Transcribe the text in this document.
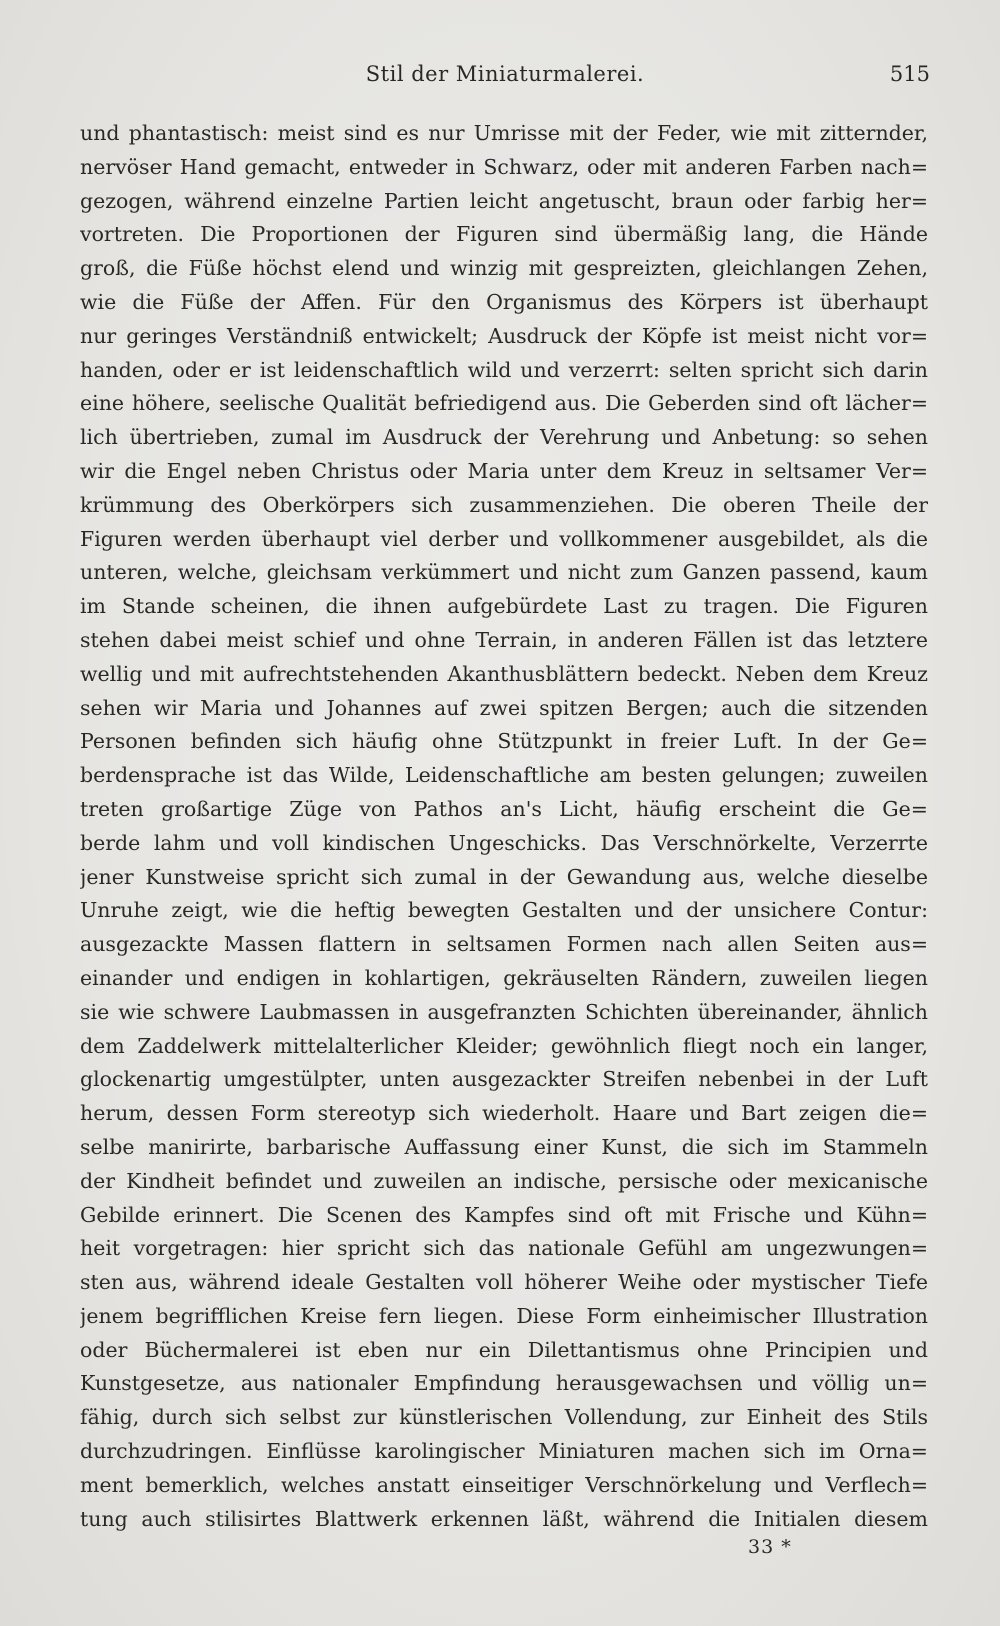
Stil der Miniaturmalerei.	515
und phantastisch: meist sind es nur Umrisse mit der Feder, wie mit zitternder,
nervöser Hand gemacht, entweder in Schwarz, oder mit anderen Farben nach=
gezogen, während einzelne Partien leicht angetuscht, braun oder farbig her=
vortreten. Die Proportionen der Figuren sind übermäßig lang, die Hände
groß, die Füße höchst elend und winzig mit gespreizten, gleichlangen Zehen,
wie die Füße der Affen. Für den Organismus des Körpers ist überhaupt
nur geringes Verständniß entwickelt; Ausdruck der Köpfe ist meist nicht vor=
handen, oder er ist leidenschaftlich wild und verzerrt: selten spricht sich darin
eine höhere, seelische Qualität befriedigend aus. Die Geberden sind oft lächer=
lich übertrieben, zumal im Ausdruck der Verehrung und Anbetung: so sehen
wir die Engel neben Christus oder Maria unter dem Kreuz in seltsamer Ver=
krümmung des Oberkörpers sich zusammenziehen. Die oberen Theile der
Figuren werden überhaupt viel derber und vollkommener ausgebildet, als die
unteren, welche, gleichsam verkümmert und nicht zum Ganzen passend, kaum
im Stande scheinen, die ihnen aufgebürdete Last zu tragen. Die Figuren
stehen dabei meist schief und ohne Terrain, in anderen Fällen ist das letztere
wellig und mit aufrechtstehenden Akanthusblättern bedeckt. Neben dem Kreuz
sehen wir Maria und Johannes auf zwei spitzen Bergen; auch die sitzenden
Personen befinden sich häufig ohne Stützpunkt in freier Luft. In der Ge=
berdensprache ist das Wilde, Leidenschaftliche am besten gelungen; zuweilen
treten großartige Züge von Pathos an's Licht, häufig erscheint die Ge=
berde lahm und voll kindischen Ungeschicks. Das Verschnörkelte, Verzerrte
jener Kunstweise spricht sich zumal in der Gewandung aus, welche dieselbe
Unruhe zeigt, wie die heftig bewegten Gestalten und der unsichere Contur:
ausgezackte Massen flattern in seltsamen Formen nach allen Seiten aus=
einander und endigen in kohlartigen, gekräuselten Rändern, zuweilen liegen
sie wie schwere Laubmassen in ausgefranzten Schichten übereinander, ähnlich
dem Zaddelwerk mittelalterlicher Kleider; gewöhnlich fliegt noch ein langer,
glockenartig umgestülpter, unten ausgezackter Streifen nebenbei in der Luft
herum, dessen Form stereotyp sich wiederholt. Haare und Bart zeigen die=
selbe manirirte, barbarische Auffassung einer Kunst, die sich im Stammeln
der Kindheit befindet und zuweilen an indische, persische oder mexicanische
Gebilde erinnert. Die Scenen des Kampfes sind oft mit Frische und Kühn=
heit vorgetragen: hier spricht sich das nationale Gefühl am ungezwungen=
sten aus, während ideale Gestalten voll höherer Weihe oder mystischer Tiefe
jenem begrifflichen Kreise fern liegen. Diese Form einheimischer Illustration
oder Büchermalerei ist eben nur ein Dilettantismus ohne Principien und
Kunstgesetze, aus nationaler Empfindung herausgewachsen und völlig un=
fähig, durch sich selbst zur künstlerischen Vollendung, zur Einheit des Stils
durchzudringen. Einflüsse karolingischer Miniaturen machen sich im Orna=
ment bemerklich, welches anstatt einseitiger Verschnörkelung und Verflech=
tung auch stilisirtes Blattwerk erkennen läßt, während die Initialen diesem
33 *
